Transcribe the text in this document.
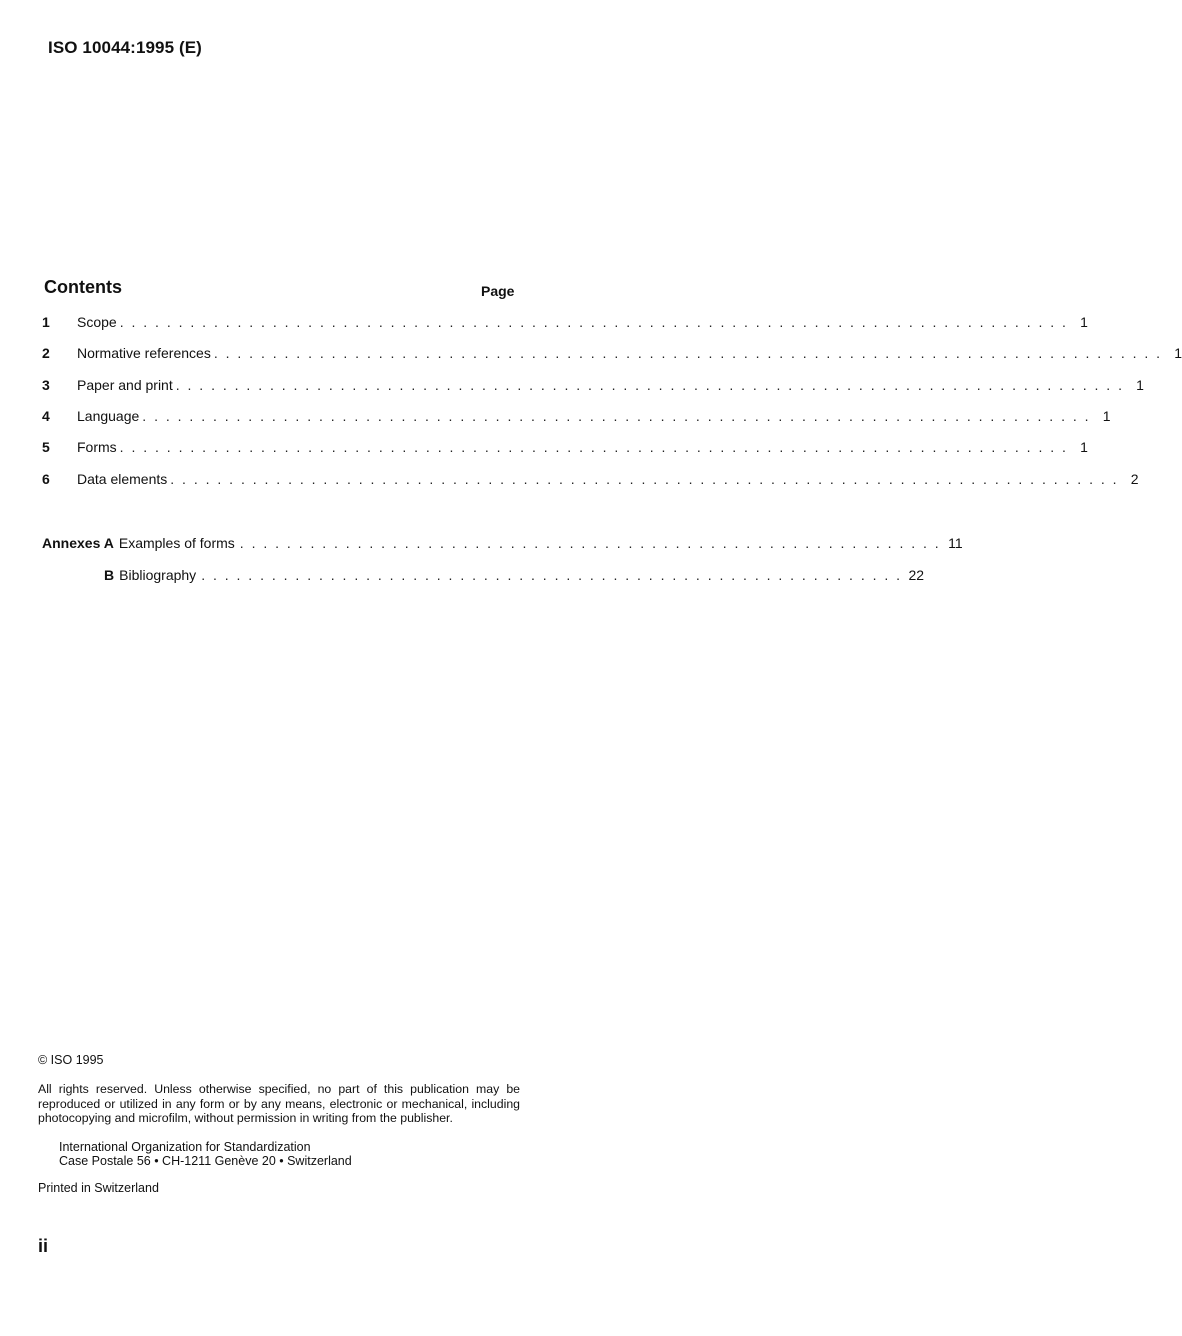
ISO 10044:1995 (E)
Contents	Page
1	Scope . . . . . . . . . . . . . . . . . . . . . . . . . . . . . . . . . . . . . . . . . . . . . . . . . . . . . . . . . . . . . . . . . . . . . . . . . . . . . . . . . 1
2	Normative references . . . . . . . . . . . . . . . . . . . . . . . . . . . . . . . . . . . . . . . . . . . . . . . . . . . . . . . . . . . . . . . . . . . . . . . . . . . . . . . . . 1
3	Paper and print . . . . . . . . . . . . . . . . . . . . . . . . . . . . . . . . . . . . . . . . . . . . . . . . . . . . . . . . . . . . . . . . . . . . . . . . . . . . . . . . . 1
4	Language . . . . . . . . . . . . . . . . . . . . . . . . . . . . . . . . . . . . . . . . . . . . . . . . . . . . . . . . . . . . . . . . . . . . . . . . . . . . . . . . . 1
5	Forms . . . . . . . . . . . . . . . . . . . . . . . . . . . . . . . . . . . . . . . . . . . . . . . . . . . . . . . . . . . . . . . . . . . . . . . . . . . . . . . . . 1
6	Data elements . . . . . . . . . . . . . . . . . . . . . . . . . . . . . . . . . . . . . . . . . . . . . . . . . . . . . . . . . . . . . . . . . . . . . . . . . . . . . . . . . 2
Annexes A Examples of forms . . . . . . . . . . . . . . . . . . . . . . . . . . . . . . . . . . . . . . . . . . . . . . . . . . . . . . . . . . . . 11
B Bibliography . . . . . . . . . . . . . . . . . . . . . . . . . . . . . . . . . . . . . . . . . . . . . . . . . . . . . . . . . . . . 22
© ISO 1995
All rights reserved. Unless otherwise specified, no part of this publication may be reproduced or utilized in any form or by any means, electronic or mechanical, including photocopying and microfilm, without permission in writing from the publisher.
International Organization for Standardization
Case Postale 56 • CH-1211 Genève 20 • Switzerland
Printed in Switzerland
ii
